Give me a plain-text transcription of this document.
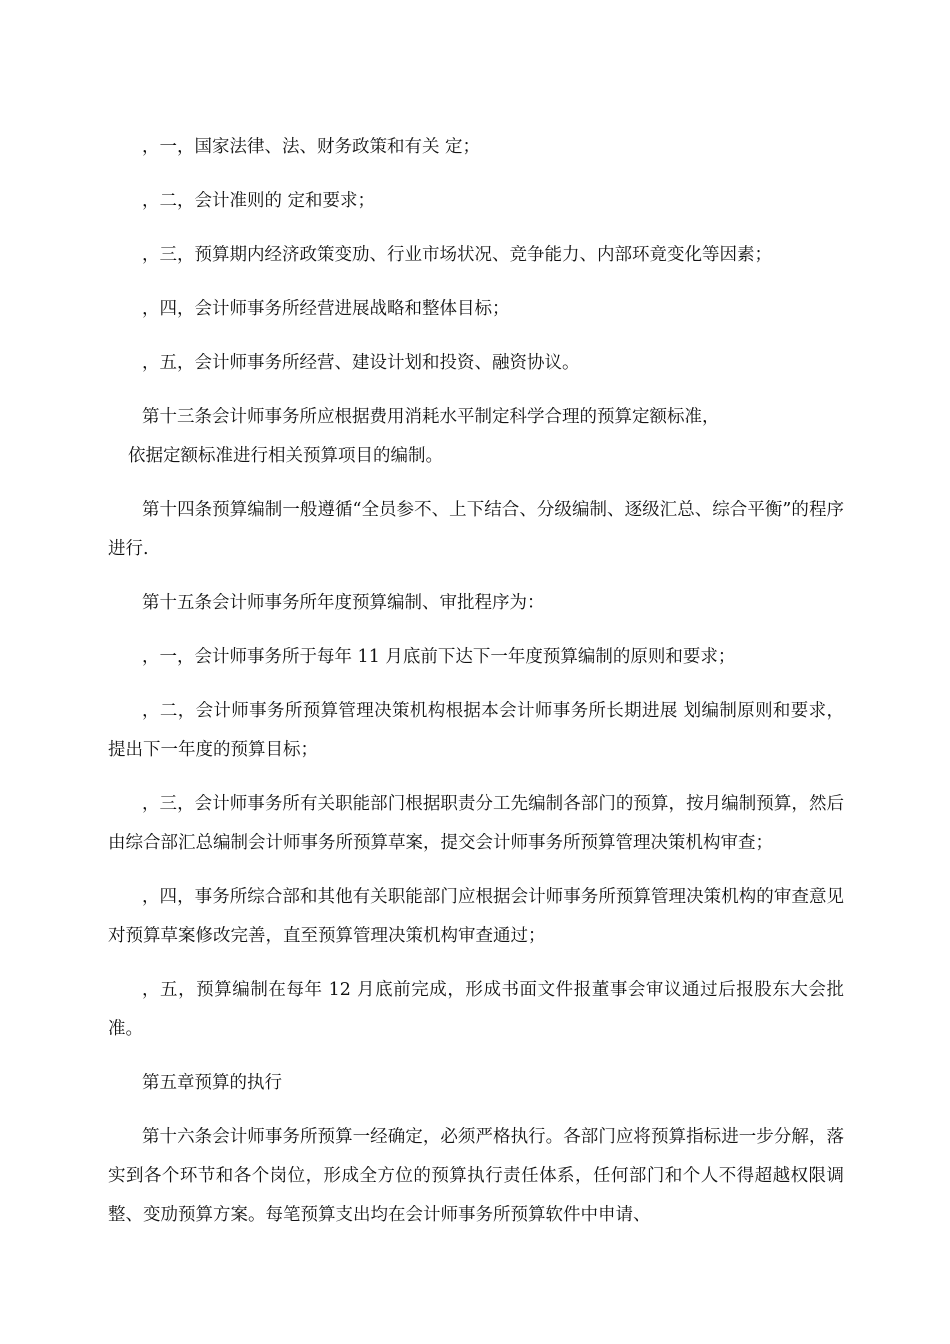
，一，国家法律、法、财务政策和有关 定；

，二，会计准则的 定和要求；

，三，预算期内经济政策变劢、行业市场状况、竞争能力、内部环竟变化等因素；

，四，会计师事务所经营进展战略和整体目标；

，五，会计师事务所经营、建设计划和投资、融资协议。

第十三条会计师事务所应根据费用消耗水平制定科学合理的预算定额标准，

依据定额标准进行相关预算项目的编制。

第十四条预算编制一般遵循“全员参不、上下结合、分级编制、逐级汇总、综合平衡”的程序进行.

第十五条会计师事务所年度预算编制、审批程序为：

，一，会计师事务所于每年 11 月底前下达下一年度预算编制的原则和要求；

，二，会计师事务所预算管理决策机构根据本会计师事务所长期进展 划编制原则和要求，提出下一年度的预算目标；

，三，会计师事务所有关职能部门根据职责分工先编制各部门的预算，按月编制预算，然后由综合部汇总编制会计师事务所预算草案，提交会计师事务所预算管理决策机构审查；

，四，事务所综合部和其他有关职能部门应根据会计师事务所预算管理决策机构的审查意见对预算草案修改完善，直至预算管理决策机构审查通过；

，五，预算编制在每年 12 月底前完成，形成书面文件报董事会审议通过后报股东大会批准。

第五章预算的执行

第十六条会计师事务所预算一经确定，必须严格执行。各部门应将预算指标进一步分解，落实到各个环节和各个岗位，形成全方位的预算执行责任体系，任何部门和个人不得超越权限调整、变劢预算方案。每笔预算支出均在会计师事务所预算软件中申请、
